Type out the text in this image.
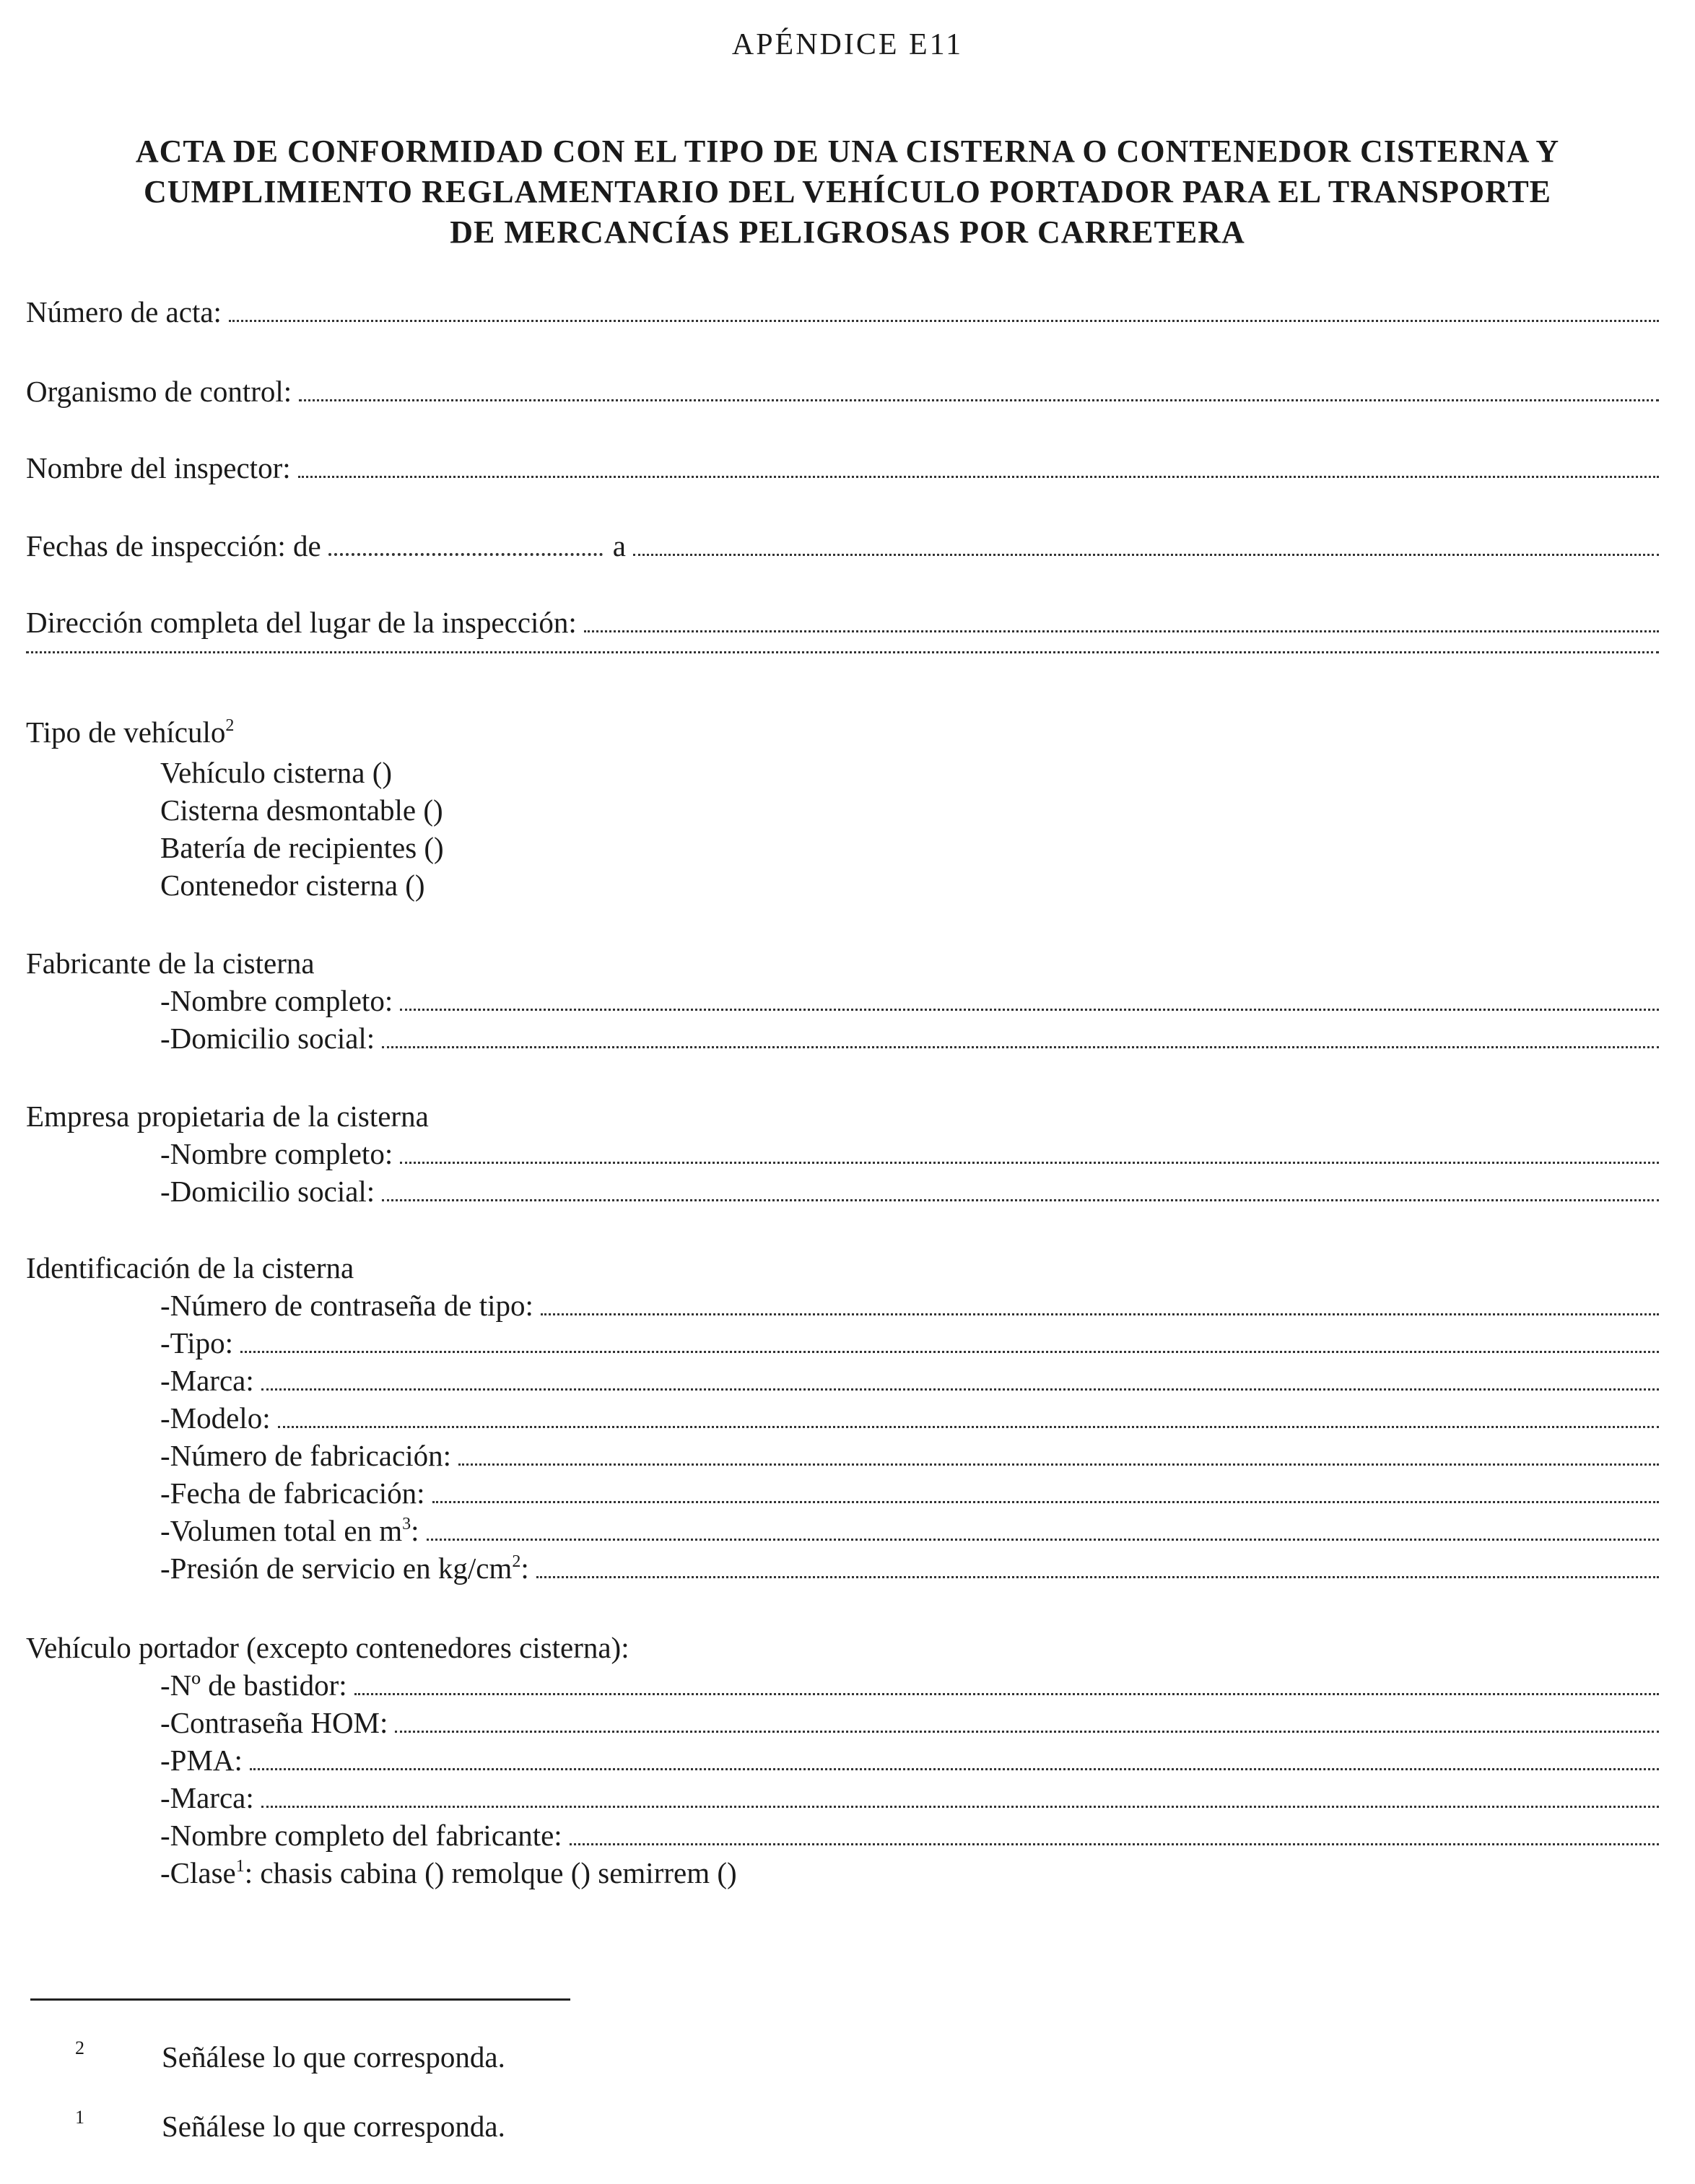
APÉNDICE E11
ACTA DE CONFORMIDAD CON EL TIPO DE UNA CISTERNA O CONTENEDOR CISTERNA Y
CUMPLIMIENTO REGLAMENTARIO DEL VEHÍCULO PORTADOR PARA EL TRANSPORTE
DE MERCANCÍAS PELIGROSAS POR CARRETERA
Número de acta:
Organismo de control:
Nombre del inspector:
Fechas de inspección: de	a
Dirección completa del lugar de la inspección:
Tipo de vehículo$^2$
Vehículo cisterna ()
Cisterna desmontable ()
Batería de recipientes ()
Contenedor cisterna ()
Fabricante de la cisterna
-Nombre completo:
-Domicilio social:
Empresa propietaria de la cisterna
-Nombre completo:
-Domicilio social:
Identificación de la cisterna
-Número de contraseña de tipo:
-Tipo:
-Marca:
-Modelo:
-Número de fabricación:
-Fecha de fabricación:
-Volumen total en $m^3$:
-Presión de servicio en $kg/cm^2$:
Vehículo portador (excepto contenedores cisterna):
-Nº de bastidor:
-Contraseña HOM:
-PMA:
-Marca:
-Nombre completo del fabricante:
-Clase$^1$: chasis cabina () remolque () semirrem ()
2	Señálese lo que corresponda.
1	Señálese lo que corresponda.
